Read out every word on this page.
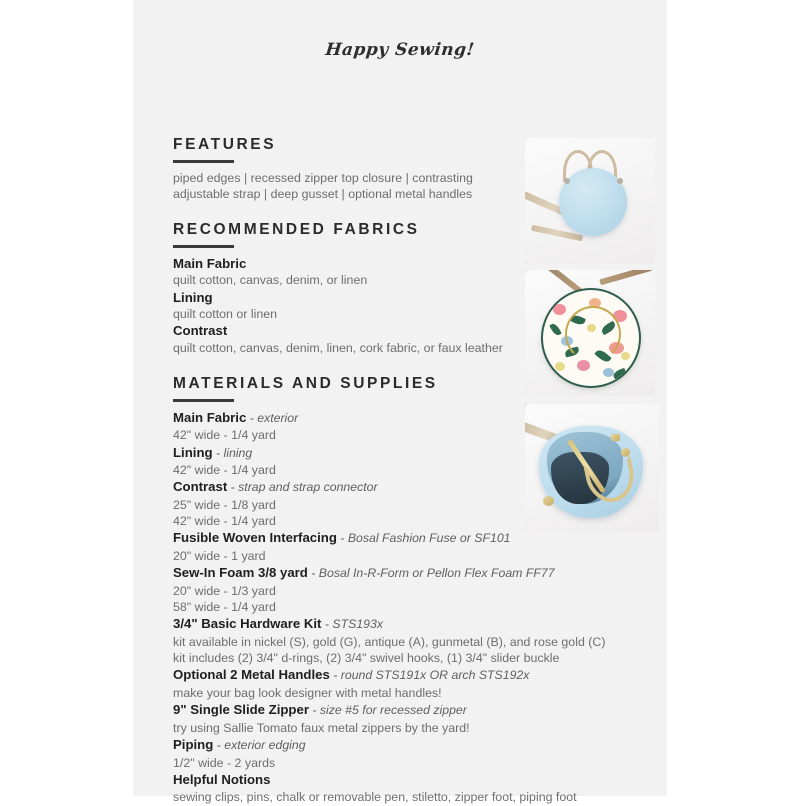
Happy Sewing!
FEATURES
piped edges | recessed zipper top closure | contrasting
adjustable strap | deep gusset | optional metal handles
RECOMMENDED FABRICS
Main Fabric
quilt cotton, canvas, denim, or linen
Lining
quilt cotton or linen
Contrast
quilt cotton, canvas, denim, linen, cork fabric, or faux leather
MATERIALS AND SUPPLIES
Main Fabric - exterior
42" wide - 1/4 yard
Lining - lining
42" wide - 1/4 yard
Contrast - strap and strap connector
25" wide - 1/8 yard
42" wide - 1/4 yard
Fusible Woven Interfacing - Bosal Fashion Fuse or SF101
20" wide - 1 yard
Sew-In Foam 3/8 yard - Bosal In-R-Form or Pellon Flex Foam FF77
20" wide - 1/3 yard
58" wide - 1/4 yard
3/4" Basic Hardware Kit - STS193x
kit available in nickel (S), gold (G), antique (A), gunmetal (B), and rose gold (C)
kit includes (2) 3/4" d-rings, (2) 3/4" swivel hooks, (1) 3/4" slider buckle
Optional 2 Metal Handles - round STS191x OR arch STS192x
make your bag look designer with metal handles!
9" Single Slide Zipper - size #5 for recessed zipper
try using Sallie Tomato faux metal zippers by the yard!
Piping - exterior edging
1/2" wide - 2 yards
Helpful Notions
sewing clips, pins, chalk or removable pen, stiletto, zipper foot, piping foot
